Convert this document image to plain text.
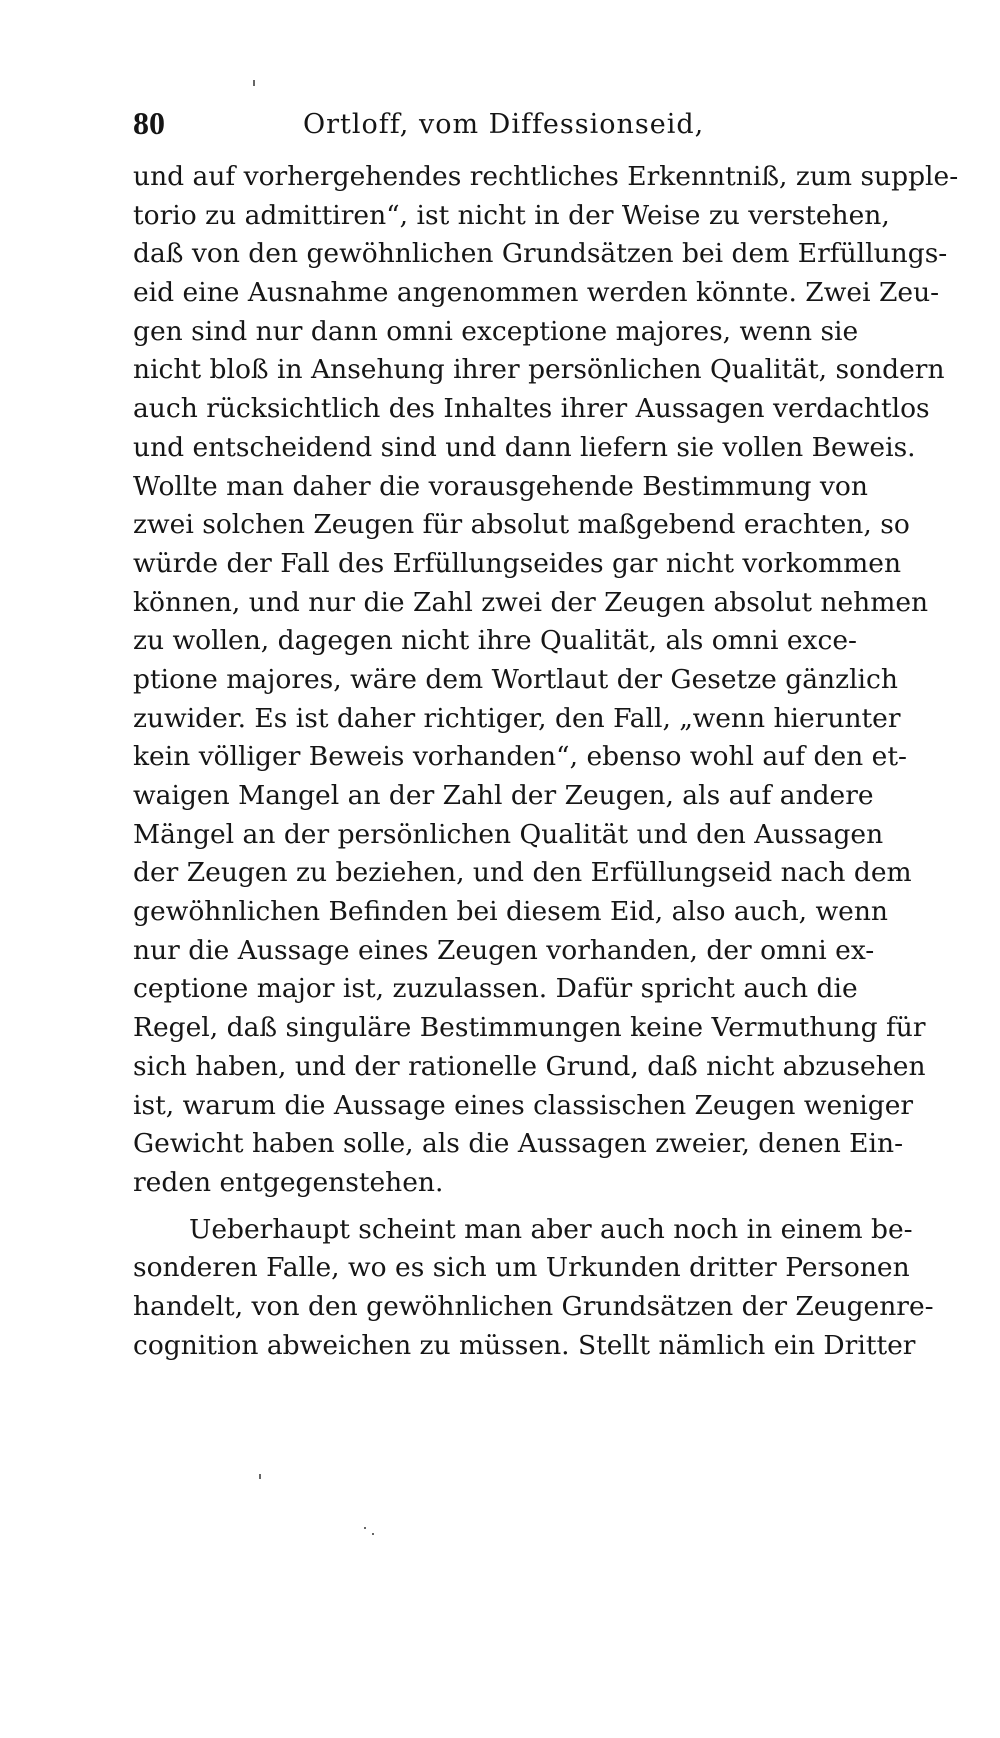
80	Ortloff, vom Diffessionseid,
und auf vorhergehendes rechtliches Erkenntniß, zum supple-
torio zu admittiren“, ist nicht in der Weise zu verstehen,
daß von den gewöhnlichen Grundsätzen bei dem Erfüllungs-
eid eine Ausnahme angenommen werden könnte. Zwei Zeu-
gen sind nur dann omni exceptione majores, wenn sie
nicht bloß in Ansehung ihrer persönlichen Qualität, sondern
auch rücksichtlich des Inhaltes ihrer Aussagen verdachtlos
und entscheidend sind und dann liefern sie vollen Beweis.
Wollte man daher die vorausgehende Bestimmung von
zwei solchen Zeugen für absolut maßgebend erachten, so
würde der Fall des Erfüllungseides gar nicht vorkommen
können, und nur die Zahl zwei der Zeugen absolut nehmen
zu wollen, dagegen nicht ihre Qualität, als omni exce-
ptione majores, wäre dem Wortlaut der Gesetze gänzlich
zuwider. Es ist daher richtiger, den Fall, „wenn hierunter
kein völliger Beweis vorhanden“, ebenso wohl auf den et-
waigen Mangel an der Zahl der Zeugen, als auf andere
Mängel an der persönlichen Qualität und den Aussagen
der Zeugen zu beziehen, und den Erfüllungseid nach dem
gewöhnlichen Befinden bei diesem Eid, also auch, wenn
nur die Aussage eines Zeugen vorhanden, der omni ex-
ceptione major ist, zuzulassen. Dafür spricht auch die
Regel, daß singuläre Bestimmungen keine Vermuthung für
sich haben, und der rationelle Grund, daß nicht abzusehen
ist, warum die Aussage eines classischen Zeugen weniger
Gewicht haben solle, als die Aussagen zweier, denen Ein-
reden entgegenstehen.
Ueberhaupt scheint man aber auch noch in einem be-
sonderen Falle, wo es sich um Urkunden dritter Personen
handelt, von den gewöhnlichen Grundsätzen der Zeugenre-
cognition abweichen zu müssen. Stellt nämlich ein Dritter
